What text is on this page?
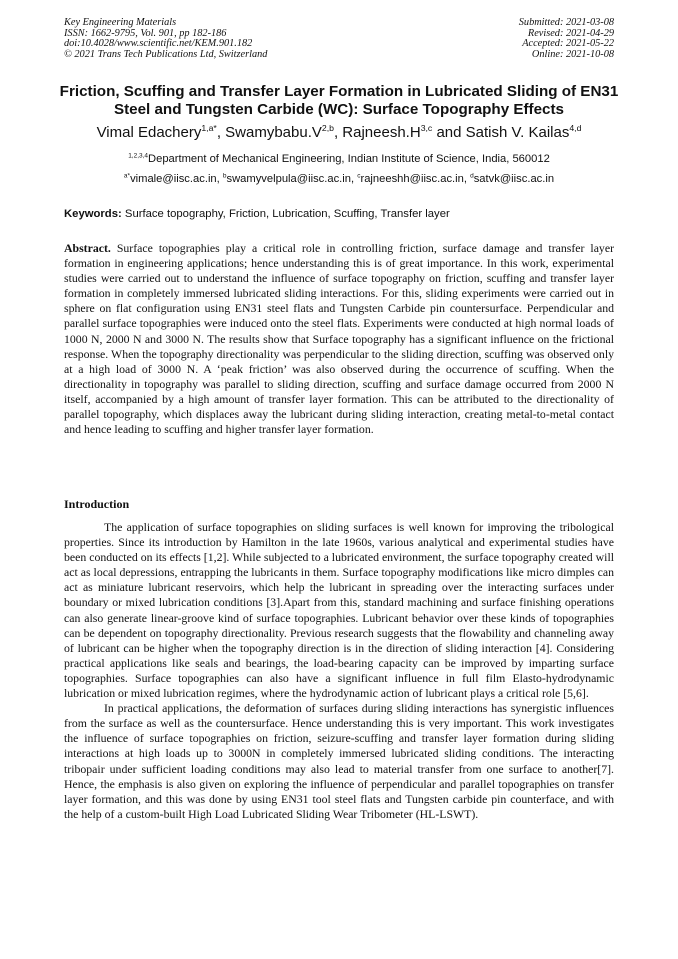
Key Engineering Materials
ISSN: 1662-9795, Vol. 901, pp 182-186
doi:10.4028/www.scientific.net/KEM.901.182
© 2021 Trans Tech Publications Ltd, Switzerland
Submitted: 2021-03-08
Revised: 2021-04-29
Accepted: 2021-05-22
Online: 2021-10-08
Friction, Scuffing and Transfer Layer Formation in Lubricated Sliding of EN31 Steel and Tungsten Carbide (WC): Surface Topography Effects
Vimal Edachery$^{1,a*}$, $Swamybabu.V^{2,b}$, $Rajneesh.H^{3,c}$ and Satish V. Kailas$^{4,d}$
$^{1,2,3,4}$Department of Mechanical Engineering, Indian Institute of Science, India, 560012
$^{a*}$vimale@iisc.ac.in, $^b$swamyvelpula@iisc.ac.in, $^c$rajneeshh@iisc.ac.in, $^d$satvk@iisc.ac.in
Keywords: Surface topography, Friction, Lubrication, Scuffing, Transfer layer
Abstract. Surface topographies play a critical role in controlling friction, surface damage and transfer layer formation in engineering applications; hence understanding this is of great importance. In this work, experimental studies were carried out to understand the influence of surface topography on friction, scuffing and transfer layer formation in completely immersed lubricated sliding interactions. For this, sliding experiments were carried out in sphere on flat configuration using EN31 steel flats and Tungsten Carbide pin countersurface. Perpendicular and parallel surface topographies were induced onto the steel flats. Experiments were conducted at high normal loads of 1000 N, 2000 N and 3000 N. The results show that Surface topography has a significant influence on the frictional response. When the topography directionality was perpendicular to the sliding direction, scuffing was observed only at a high load of 3000 N. A ‘peak friction’ was also observed during the occurrence of scuffing. When the directionality in topography was parallel to sliding direction, scuffing and surface damage occurred from 2000 N itself, accompanied by a high amount of transfer layer formation. This can be attributed to the directionality of parallel topography, which displaces away the lubricant during sliding interaction, creating metal-to-metal contact and hence leading to scuffing and higher transfer layer formation.
Introduction

The application of surface topographies on sliding surfaces is well known for improving the tribological properties. Since its introduction by Hamilton in the late 1960s, various analytical and experimental studies have been conducted on its effects [1,2]. While subjected to a lubricated environment, the surface topography created will act as local depressions, entrapping the lubricants in them. Surface topography modifications like micro dimples can act as miniature lubricant reservoirs, which help the lubricant in spreading over the interacting surfaces under boundary or mixed lubrication conditions [3].Apart from this, standard machining and surface finishing operations can also generate linear-groove kind of surface topographies. Lubricant behavior over these kinds of topographies can be dependent on topography directionality. Previous research suggests that the flowability and channeling away of lubricant can be higher when the topography direction is in the direction of sliding interaction [4]. Considering practical applications like seals and bearings, the load-bearing capacity can be improved by imparting surface topographies. Surface topographies can also have a significant influence in full film Elasto-hydrodynamic lubrication or mixed lubrication regimes, where the hydrodynamic action of lubricant plays a critical role [5,6].

In practical applications, the deformation of surfaces during sliding interactions has synergistic influences from the surface as well as the countersurface. Hence understanding this is very important. This work investigates the influence of surface topographies on friction, seizure-scuffing and transfer layer formation during sliding interactions at high loads up to 3000N in completely immersed lubricated sliding conditions. The interacting tribopair under sufficient loading conditions may also lead to material transfer from one surface to another[7]. Hence, the emphasis is also given on exploring the influence of perpendicular and parallel topographies on transfer layer formation, and this was done by using EN31 tool steel flats and Tungsten carbide pin counterface, and with the help of a custom-built High Load Lubricated Sliding Wear Tribometer (HL-LSWT).
